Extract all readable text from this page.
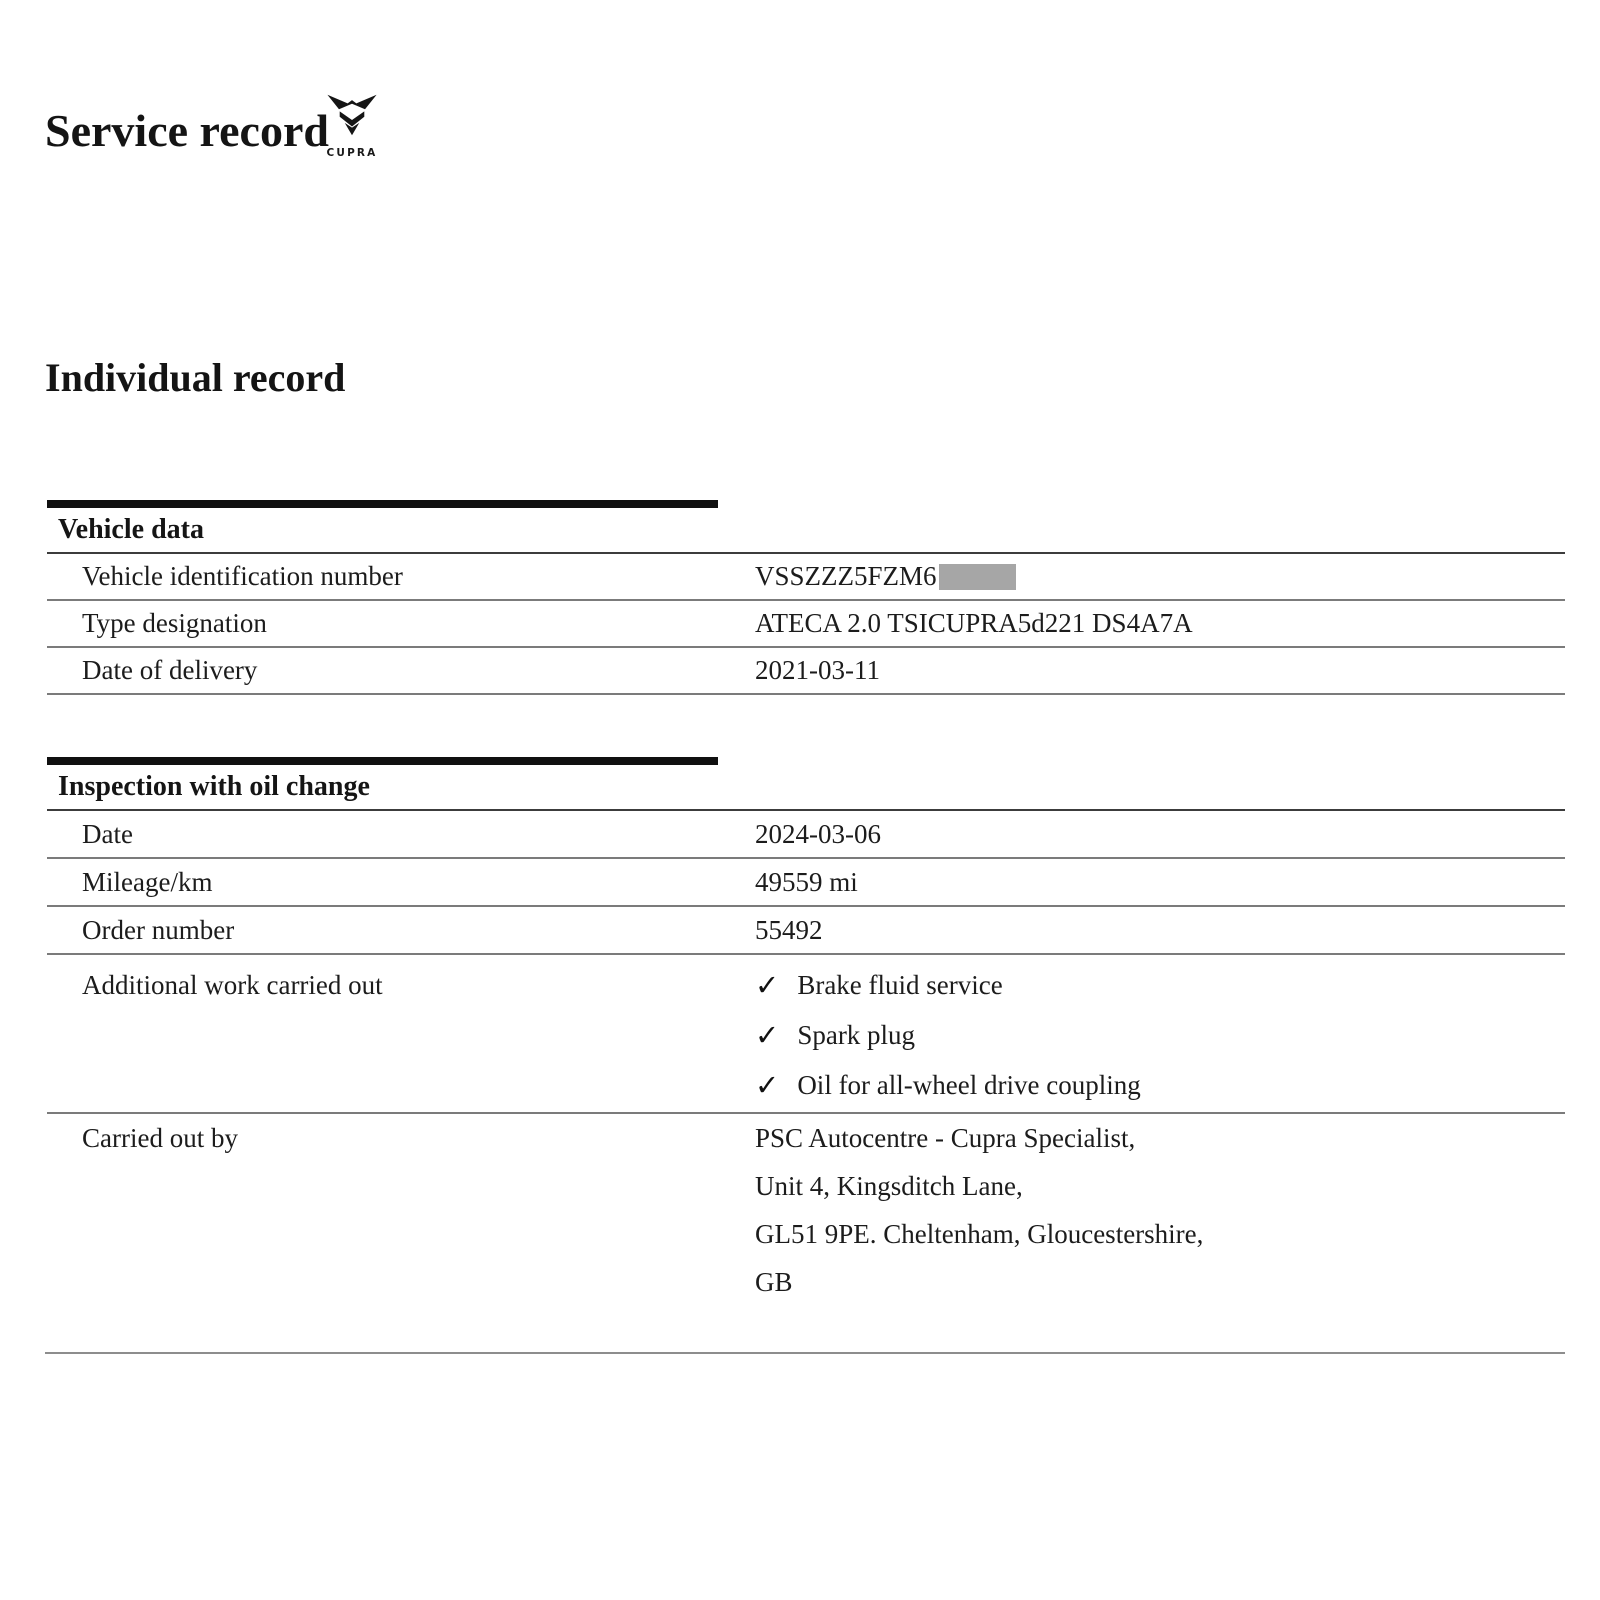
Service record
CUPRA
Individual record
Vehicle data
Vehicle identification number	VSSZZZ5FZM6
Type designation	ATECA 2.0 TSICUPRA5d221 DS4A7A
Date of delivery	2021-03-11
Inspection with oil change
Date	2024-03-06
Mileage/km	49559 mi
Order number	55492
Additional work carried out	✓ Brake fluid service
✓ Spark plug
✓ Oil for all-wheel drive coupling
Carried out by	PSC Autocentre - Cupra Specialist,
Unit 4, Kingsditch Lane,
GL51 9PE. Cheltenham, Gloucestershire,
GB
